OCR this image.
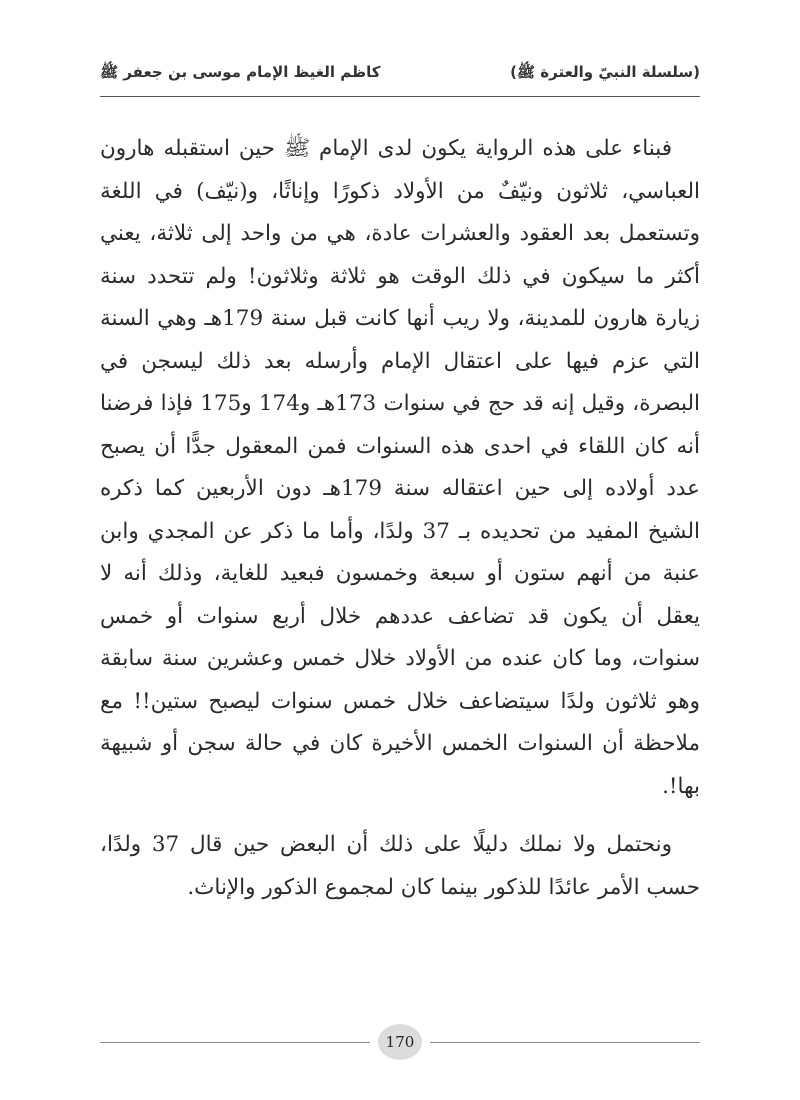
(سلسلة النبيّ والعترة ﷺ)
كاظم الغيظ الإمام موسى بن جعفر ﷺ

فبناء على هذه الرواية يكون لدى الإمام ﷺ حين استقبله هارون العباسي، ثلاثون ونيّفٌ من الأولاد ذكورًا وإناثًا، و(نيّف) في اللغة وتستعمل بعد العقود والعشرات عادة، هي من واحد إلى ثلاثة، يعني أكثر ما سيكون في ذلك الوقت هو ثلاثة وثلاثون! ولم تتحدد سنة زيارة هارون للمدينة، ولا ريب أنها كانت قبل سنة 179هـ وهي السنة التي عزم فيها على اعتقال الإمام وأرسله بعد ذلك ليسجن في البصرة، وقيل إنه قد حج في سنوات 173هـ و174 و175 فإذا فرضنا أنه كان اللقاء في احدى هذه السنوات فمن المعقول جدًّا أن يصبح عدد أولاده إلى حين اعتقاله سنة 179هـ دون الأربعين كما ذكره الشيخ المفيد من تحديده بـ 37 ولدًا، وأما ما ذكر عن المجدي وابن عنبة من أنهم ستون أو سبعة وخمسون فبعيد للغاية، وذلك أنه لا يعقل أن يكون قد تضاعف عددهم خلال أربع سنوات أو خمس سنوات، وما كان عنده من الأولاد خلال خمس وعشرين سنة سابقة وهو ثلاثون ولدًا سيتضاعف خلال خمس سنوات ليصبح ستين!! مع ملاحظة أن السنوات الخمس الأخيرة كان في حالة سجن أو شبيهة بها!.

ونحتمل ولا نملك دليلًا على ذلك أن البعض حين قال 37 ولدًا، حسب الأمر عائدًا للذكور بينما كان لمجموع الذكور والإناث.

170
